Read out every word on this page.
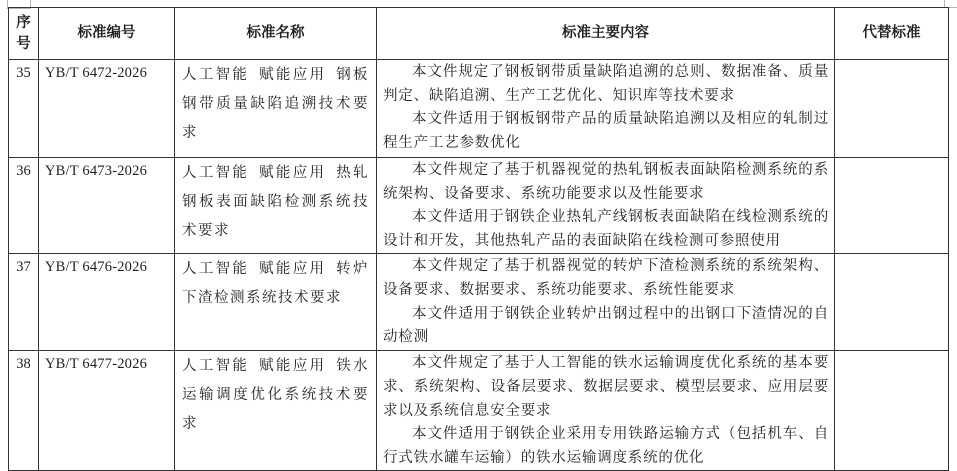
序号	标准编号	标准名称	标准主要内容	代替标准
35	YB/T 6472-2026	人工智能 赋能应用 钢板钢带质量缺陷追溯技术要求	本文件规定了钢板钢带质量缺陷追溯的总则、数据准备、质量判定、缺陷追溯、生产工艺优化、知识库等技术要求

本文件适用于钢板钢带产品的质量缺陷追溯以及相应的轧制过程生产工艺参数优化	

36	YB/T 6473-2026	人工智能 赋能应用 热轧钢板表面缺陷检测系统技术要求	本文件规定了基于机器视觉的热轧钢板表面缺陷检测系统的系统架构、设备要求、系统功能要求以及性能要求

本文件适用于钢铁企业热轧产线钢板表面缺陷在线检测系统的设计和开发，其他热轧产品的表面缺陷在线检测可参照使用	

37	YB/T 6476-2026	人工智能 赋能应用 转炉下渣检测系统技术要求	本文件规定了基于机器视觉的转炉下渣检测系统的系统架构、设备要求、数据要求、系统功能要求、系统性能要求

本文件适用于钢铁企业转炉出钢过程中的出钢口下渣情况的自动检测	

38	YB/T 6477-2026	人工智能 赋能应用 铁水运输调度优化系统技术要求	本文件规定了基于人工智能的铁水运输调度优化系统的基本要求、系统架构、设备层要求、数据层要求、模型层要求、应用层要求以及系统信息安全要求

本文件适用于钢铁企业采用专用铁路运输方式（包括机车、自行式铁水罐车运输）的铁水运输调度系统的优化	
